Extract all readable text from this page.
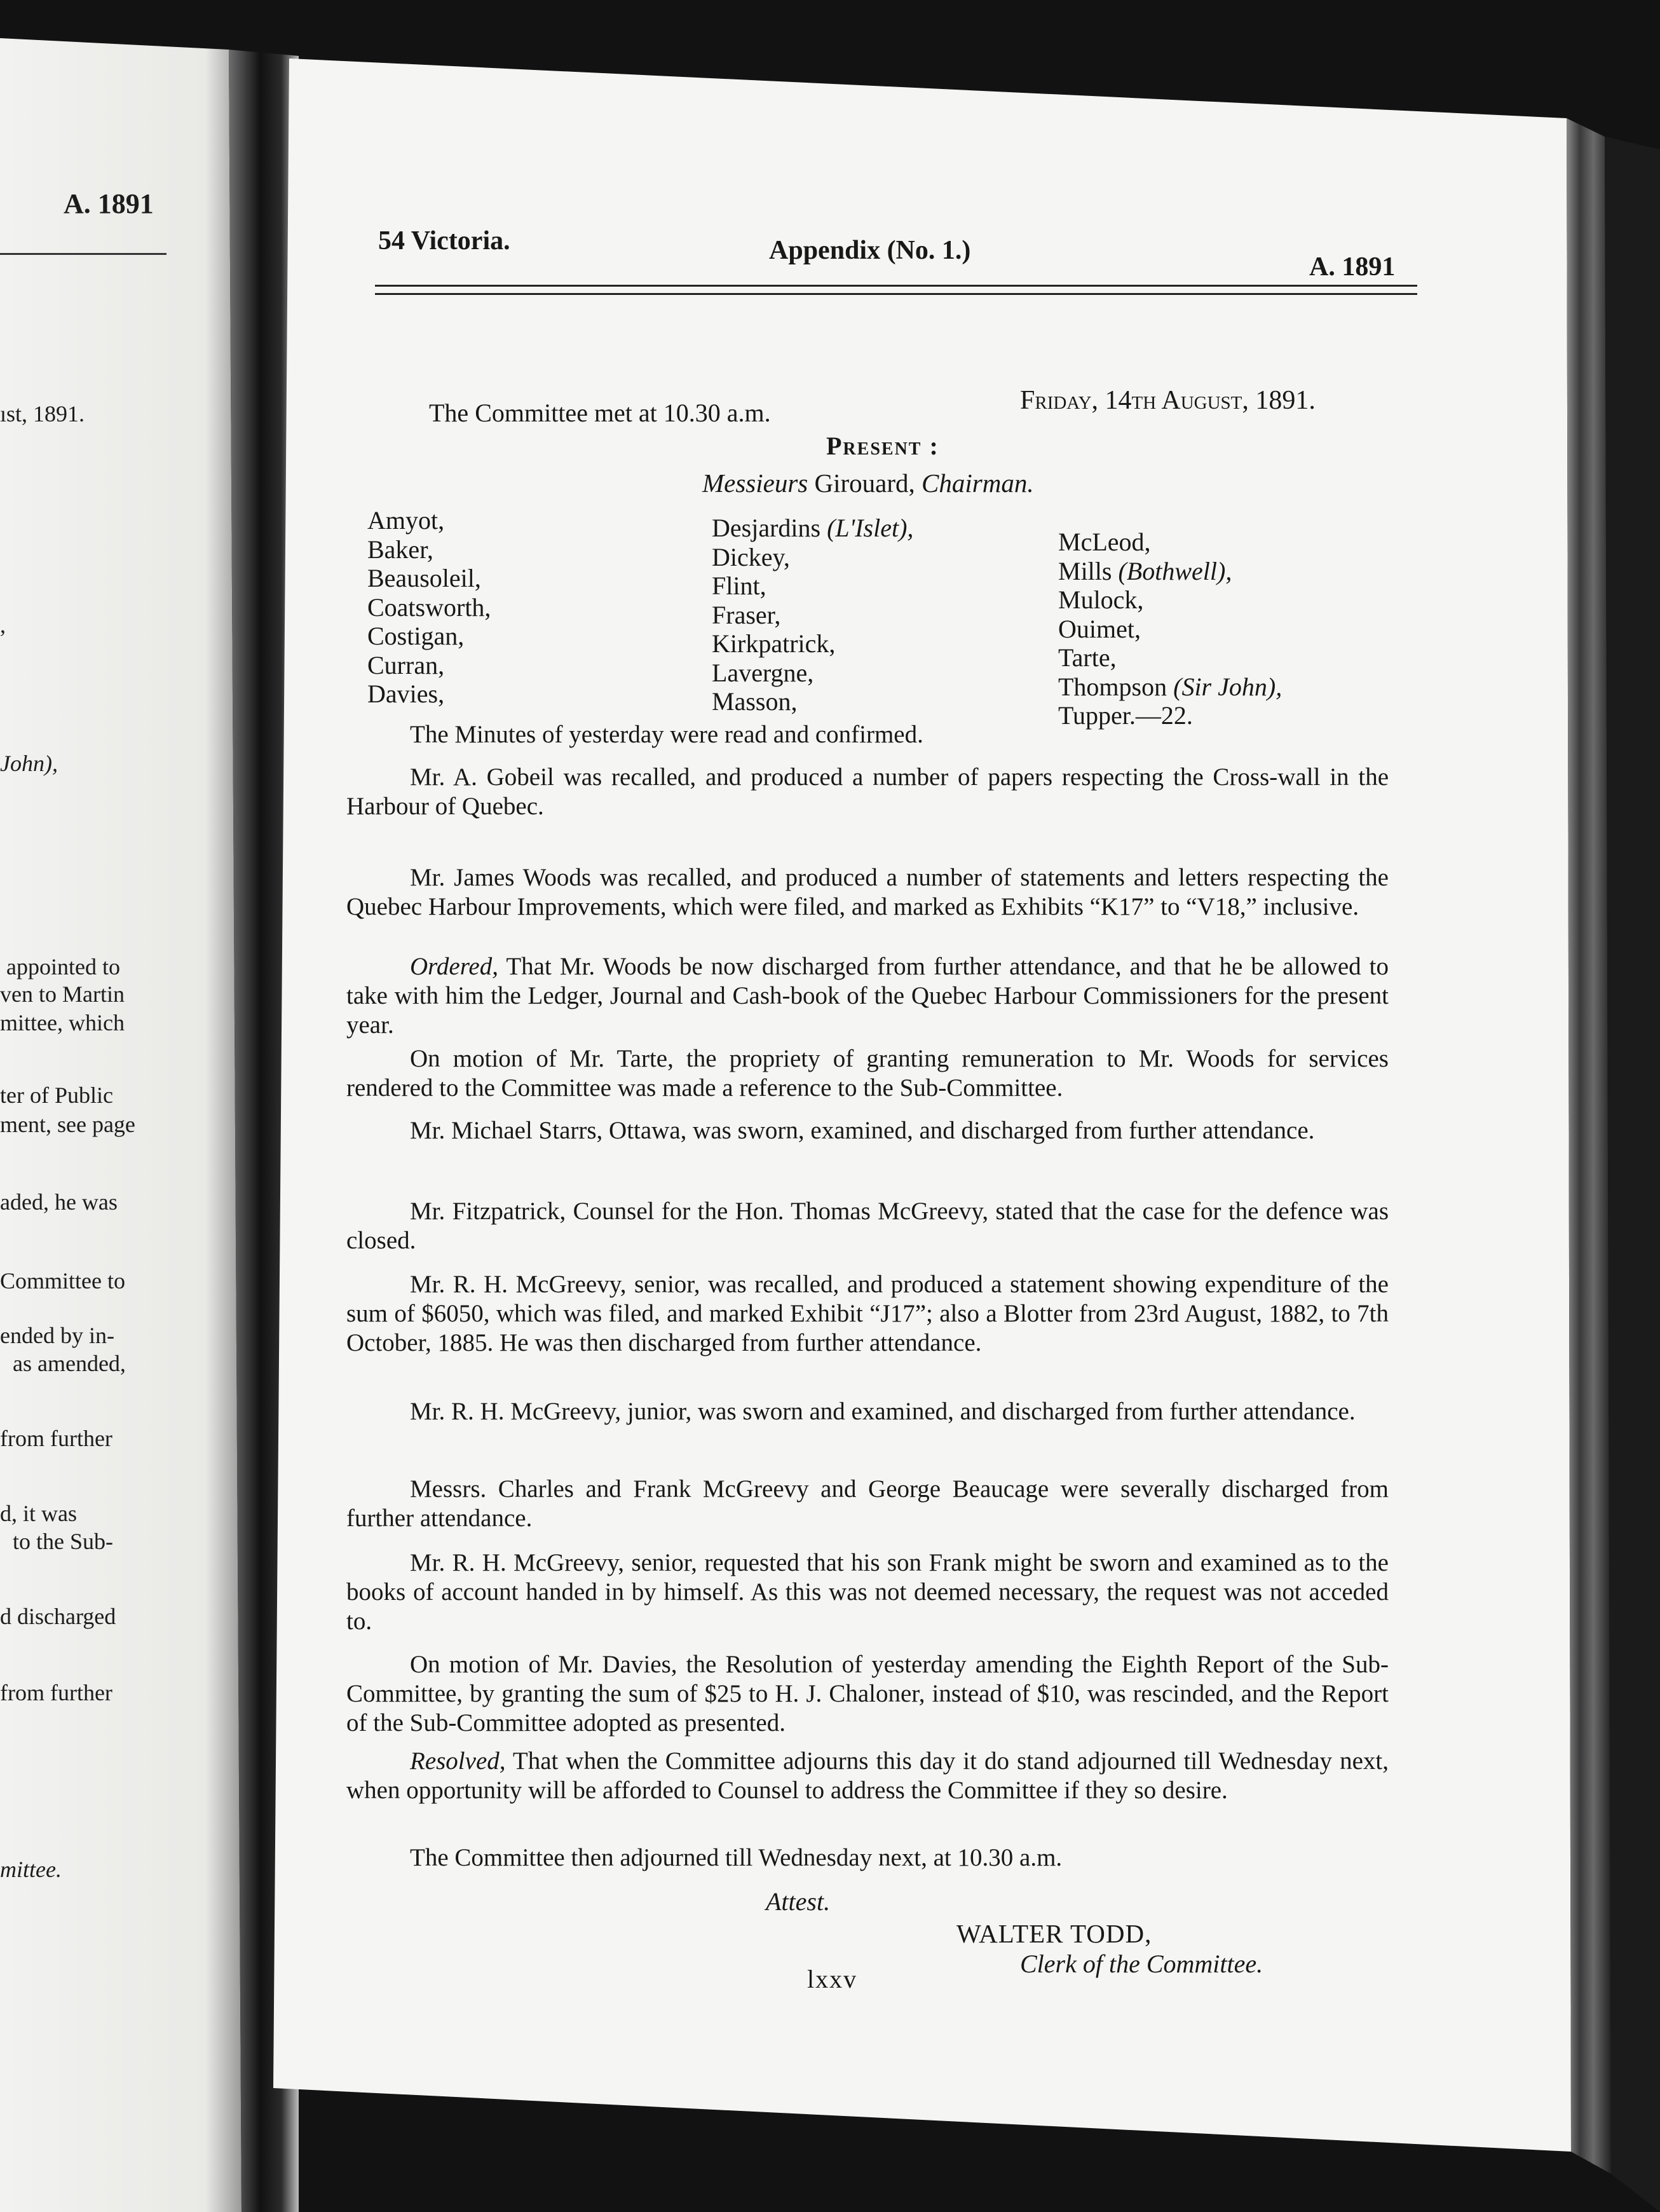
A. 1891
ıst, 1891.
,
John),
appointed to
ven to Martin
mittee, which
ter of Public
ment, see page
aded, he was
Committee to
ended by in-
as amended,
from further
d, it was
to the Sub-
d discharged
from further
mittee.
54 Victoria.	Appendix (No. 1.)
A. 1891
Friday, 14th August, 1891.
The Committee met at 10.30 a.m.
Present :
Messieurs Girouard, Chairman.
Amyot,
Baker,
Beausoleil,
Coatsworth,
Costigan,
Curran,
Davies,
Desjardins (L'Islet),
Dickey,
Flint,
Fraser,
Kirkpatrick,
Lavergne,
Masson,
McLeod,
Mills (Bothwell),
Mulock,
Ouimet,
Tarte,
Thompson (Sir John),
Tupper.—22.

The Minutes of yesterday were read and confirmed.

Mr. A. Gobeil was recalled, and produced a number of papers respecting the Cross-wall in the Harbour of Quebec.

Mr. James Woods was recalled, and produced a number of statements and letters respecting the Quebec Harbour Improvements, which were filed, and marked as Exhibits “K17” to “V18,” inclusive.

Ordered, That Mr. Woods be now discharged from further attendance, and that he be allowed to take with him the Ledger, Journal and Cash-book of the Quebec Harbour Commissioners for the present year.

On motion of Mr. Tarte, the propriety of granting remuneration to Mr. Woods for services rendered to the Committee was made a reference to the Sub-Committee.

Mr. Michael Starrs, Ottawa, was sworn, examined, and discharged from further attendance.

Mr. Fitzpatrick, Counsel for the Hon. Thomas McGreevy, stated that the case for the defence was closed.

Mr. R. H. McGreevy, senior, was recalled, and produced a statement showing expenditure of the sum of $6050, which was filed, and marked Exhibit “J17”; also a Blotter from 23rd August, 1882, to 7th October, 1885. He was then discharged from further attendance.

Mr. R. H. McGreevy, junior, was sworn and examined, and discharged from further attendance.

Messrs. Charles and Frank McGreevy and George Beaucage were severally discharged from further attendance.

Mr. R. H. McGreevy, senior, requested that his son Frank might be sworn and examined as to the books of account handed in by himself. As this was not deemed necessary, the request was not acceded to.

On motion of Mr. Davies, the Resolution of yesterday amending the Eighth Report of the Sub-Committee, by granting the sum of $25 to H. J. Chaloner, instead of $10, was rescinded, and the Report of the Sub-Committee adopted as presented.

Resolved, That when the Committee adjourns this day it do stand adjourned till Wednesday next, when opportunity will be afforded to Counsel to address the Committee if they so desire.

The Committee then adjourned till Wednesday next, at 10.30 a.m.

Attest.
WALTER TODD,
Clerk of the Committee.
lxxv
